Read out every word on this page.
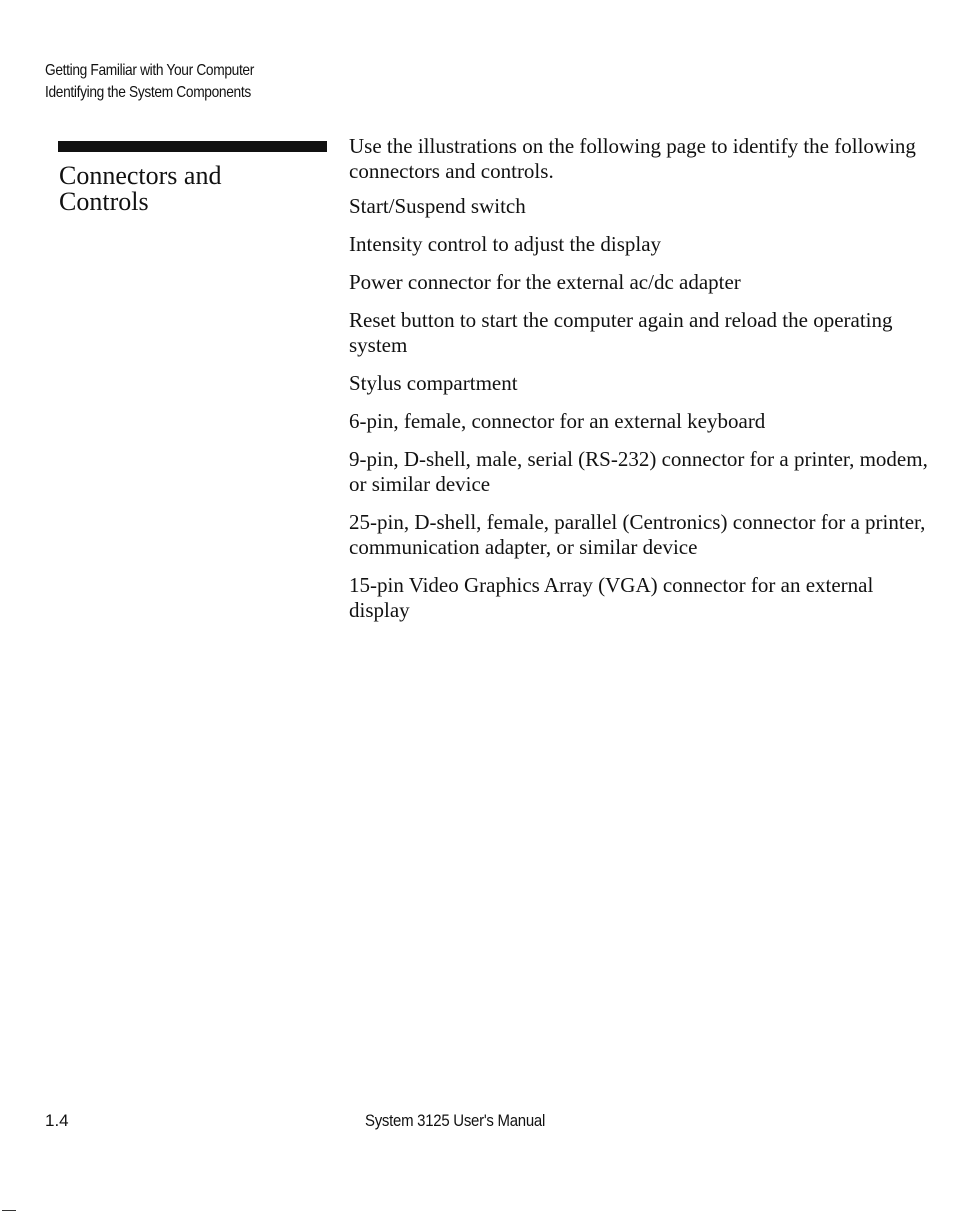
Getting Familiar with Your Computer
Identifying the System Components
Connectors and
Controls

Use the illustrations on the following page to identify the following connectors and controls.

Start/Suspend switch

Intensity control to adjust the display

Power connector for the external ac/dc adapter

Reset button to start the computer again and reload the operating system

Stylus compartment

6-pin, female, connector for an external keyboard

9-pin, D-shell, male, serial (RS-232) connector for a printer, modem, or similar device

25-pin, D-shell, female, parallel (Centronics) connector for a printer, communication adapter, or similar device

15-pin Video Graphics Array (VGA) connector for an external display

1.4	System 3125 User's Manual
